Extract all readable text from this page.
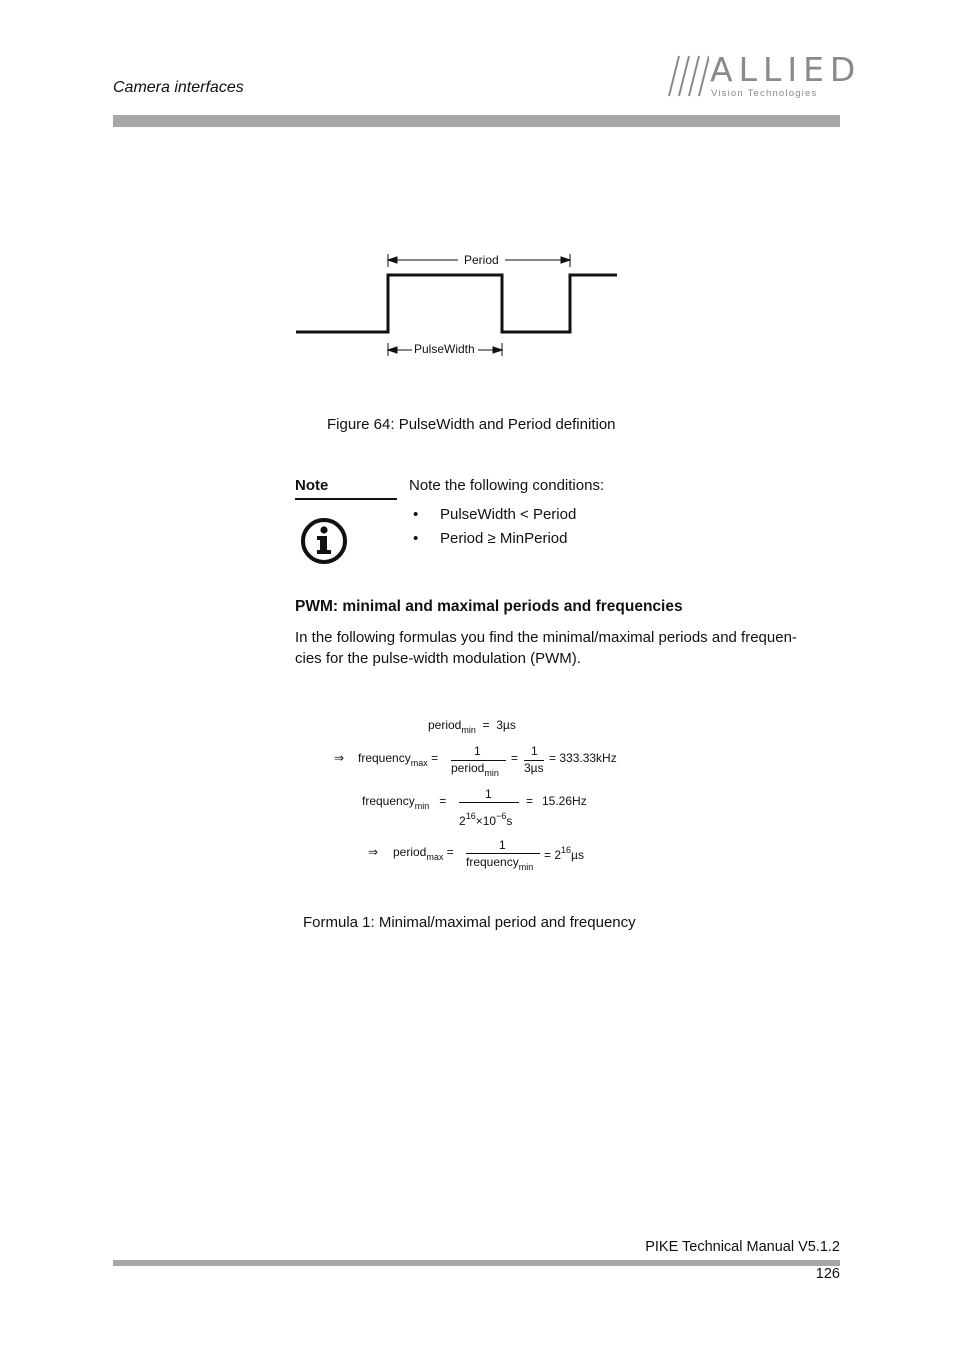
Camera interfaces	ALLIED
Vision Technologies
Period
PulseWidth
Figure 64: PulseWidth and Period definition
Note	Note the following conditions:
• PulseWidth < Period
• Period ≥ MinPeriod
PWM: minimal and maximal periods and frequencies
In the following formulas you find the minimal/maximal periods and frequen-
cies for the pulse-width modulation (PWM).
period$_{min}$ = 3µs
⇒ frequency$_{max}$ =	1
period$_{min}$
= 1
3µs
= 333.33kHz
frequency$_{min}$ =	1
$2^{16}\times 10^{-6}s$
= 15.26Hz
⇒ period$_{max}$ =	1
frequency$_{min}$
= $2^{16}\mu s$
Formula 1: Minimal/maximal period and frequency
PIKE Technical Manual V5.1.2
126
